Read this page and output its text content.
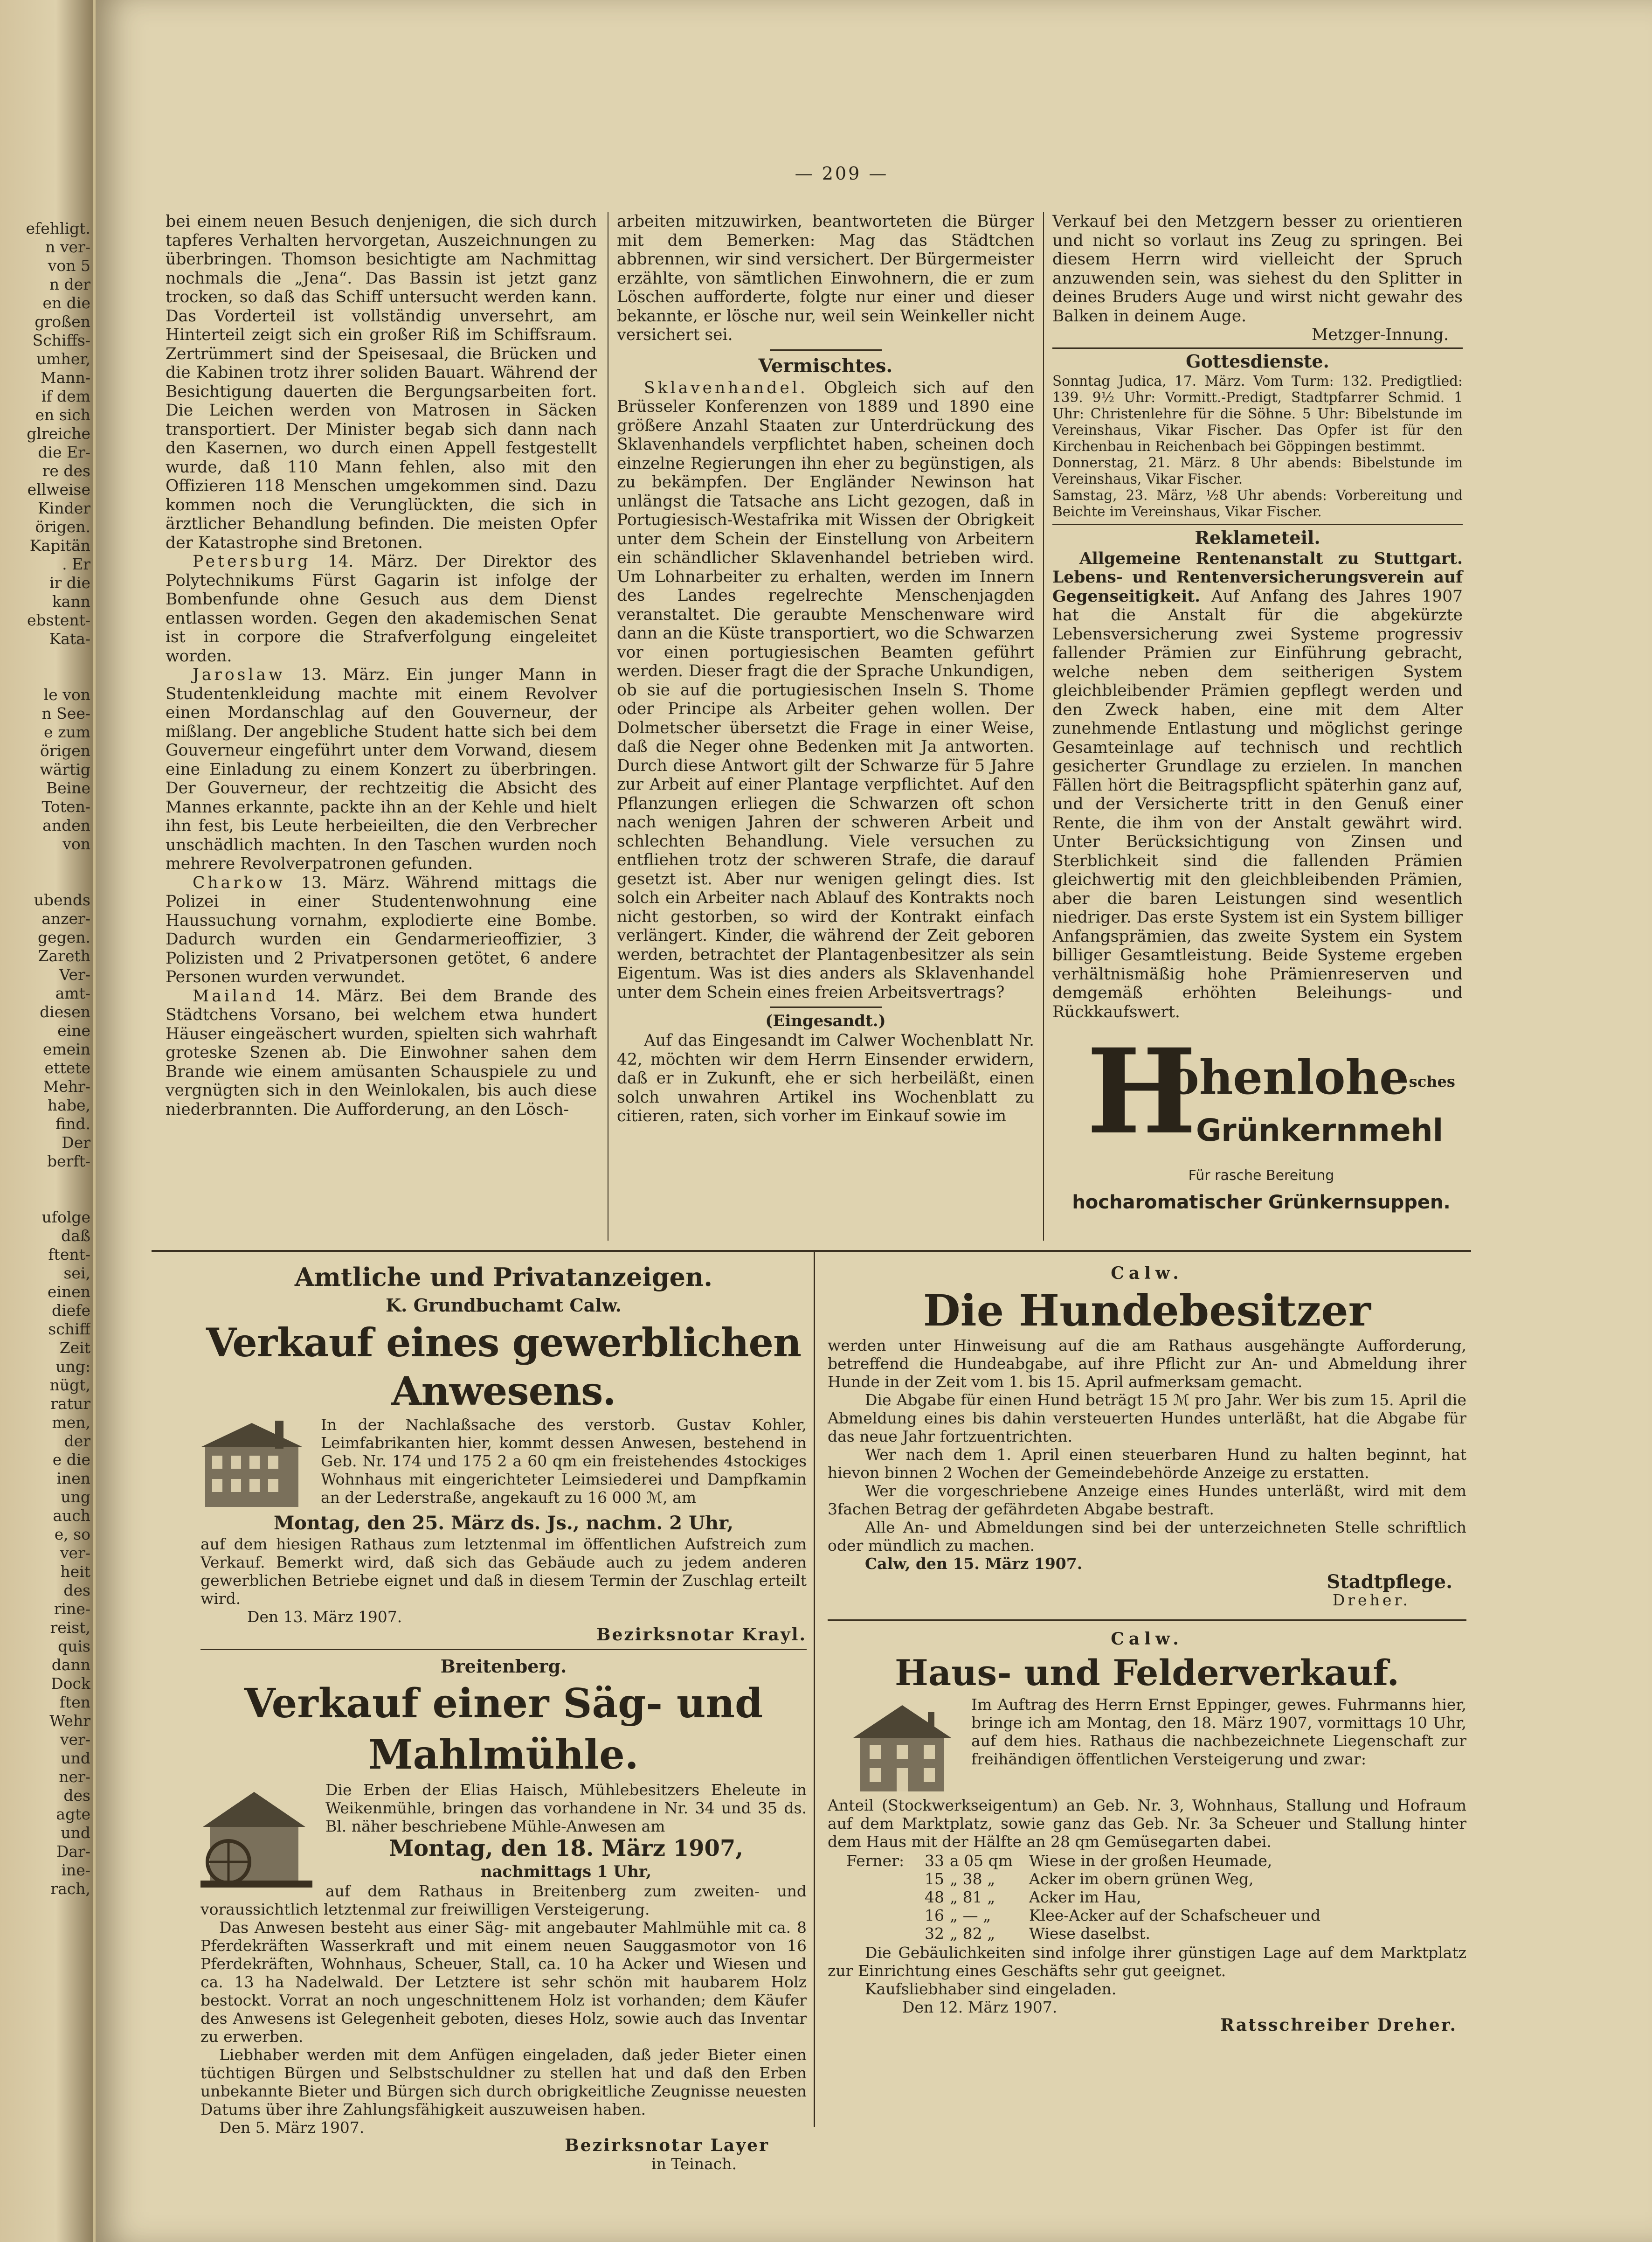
efehligt.
n ver-
von 5
n der
en die
großen
Schiffs-
umher,
Mann-
if dem
en sich
glreiche
die Er-
re des
ellweise
Kinder
örigen.
Kapitän
. Er
ir die
kann
ebstent-
Kata-
le von
n See-
e zum
örigen
wärtig
Beine
Toten-
anden
von
ubends
anzer-
gegen.
Zareth
Ver-
amt-
diesen
eine
emein
ettete
Mehr-
habe,
find.
Der
berft-
ufolge
daß
ftent-
sei,
einen
diefe
schiff
Zeit
ung:
nügt,
ratur
men,
der
e die
inen
ung
auch
e, so
ver-
heit
des
rine-
reist,
quis
dann
Dock
ften
Wehr
ver-
und
ner-
des
agte
und
Dar-
ine-
rach,
— 209 —

bei einem neuen Besuch denjenigen, die sich durch tapferes Verhalten hervorgetan, Auszeichnungen zu überbringen. Thomson besichtigte am Nachmittag nochmals die „Jena“. Das Bassin ist jetzt ganz trocken, so daß das Schiff untersucht werden kann. Das Vorderteil ist vollständig unversehrt, am Hinterteil zeigt sich ein großer Riß im Schiffsraum. Zertrümmert sind der Speisesaal, die Brücken und die Kabinen trotz ihrer soliden Bauart. Während der Besichtigung dauerten die Bergungsarbeiten fort. Die Leichen werden von Matrosen in Säcken transportiert. Der Minister begab sich dann nach den Kasernen, wo durch einen Appell festgestellt wurde, daß 110 Mann fehlen, also mit den Offizieren 118 Menschen umgekommen sind. Dazu kommen noch die Verunglückten, die sich in ärztlicher Behandlung befinden. Die meisten Opfer der Katastrophe sind Bretonen.

Petersburg 14. März. Der Direktor des Polytechnikums Fürst Gagarin ist infolge der Bombenfunde ohne Gesuch aus dem Dienst entlassen worden. Gegen den akademischen Senat ist in corpore die Strafverfolgung eingeleitet worden.

Jaroslaw 13. März. Ein junger Mann in Studentenkleidung machte mit einem Revolver einen Mordanschlag auf den Gouverneur, der mißlang. Der angebliche Student hatte sich bei dem Gouverneur eingeführt unter dem Vorwand, diesem eine Einladung zu einem Konzert zu überbringen. Der Gouverneur, der rechtzeitig die Absicht des Mannes erkannte, packte ihn an der Kehle und hielt ihn fest, bis Leute herbeieilten, die den Verbrecher unschädlich machten. In den Taschen wurden noch mehrere Revolverpatronen gefunden.

Charkow 13. März. Während mittags die Polizei in einer Studentenwohnung eine Haussuchung vornahm, explodierte eine Bombe. Dadurch wurden ein Gendarmerieoffizier, 3 Polizisten und 2 Privatpersonen getötet, 6 andere Personen wurden verwundet.

Mailand 14. März. Bei dem Brande des Städtchens Vorsano, bei welchem etwa hundert Häuser eingeäschert wurden, spielten sich wahrhaft groteske Szenen ab. Die Einwohner sahen dem Brande wie einem amüsanten Schauspiele zu und vergnügten sich in den Weinlokalen, bis auch diese niederbrannten. Die Aufforderung, an den Lösch-

arbeiten mitzuwirken, beantworteten die Bürger mit dem Bemerken: Mag das Städtchen abbrennen, wir sind versichert. Der Bürgermeister erzählte, von sämtlichen Einwohnern, die er zum Löschen aufforderte, folgte nur einer und dieser bekannte, er lösche nur, weil sein Weinkeller nicht versichert sei.

Vermischtes.

Sklavenhandel. Obgleich sich auf den Brüsseler Konferenzen von 1889 und 1890 eine größere Anzahl Staaten zur Unterdrückung des Sklavenhandels verpflichtet haben, scheinen doch einzelne Regierungen ihn eher zu begünstigen, als zu bekämpfen. Der Engländer Newinson hat unlängst die Tatsache ans Licht gezogen, daß in Portugiesisch-Westafrika mit Wissen der Obrigkeit unter dem Schein der Einstellung von Arbeitern ein schändlicher Sklavenhandel betrieben wird. Um Lohnarbeiter zu erhalten, werden im Innern des Landes regelrechte Menschenjagden veranstaltet. Die geraubte Menschenware wird dann an die Küste transportiert, wo die Schwarzen vor einen portugiesischen Beamten geführt werden. Dieser fragt die der Sprache Unkundigen, ob sie auf die portugiesischen Inseln S. Thome oder Principe als Arbeiter gehen wollen. Der Dolmetscher übersetzt die Frage in einer Weise, daß die Neger ohne Bedenken mit Ja antworten. Durch diese Antwort gilt der Schwarze für 5 Jahre zur Arbeit auf einer Plantage verpflichtet. Auf den Pflanzungen erliegen die Schwarzen oft schon nach wenigen Jahren der schweren Arbeit und schlechten Behandlung. Viele versuchen zu entfliehen trotz der schweren Strafe, die darauf gesetzt ist. Aber nur wenigen gelingt dies. Ist solch ein Arbeiter nach Ablauf des Kontrakts noch nicht gestorben, so wird der Kontrakt einfach verlängert. Kinder, die während der Zeit geboren werden, betrachtet der Plantagenbesitzer als sein Eigentum. Was ist dies anders als Sklavenhandel unter dem Schein eines freien Arbeitsvertrags?

(Eingesandt.)

Auf das Eingesandt im Calwer Wochenblatt Nr. 42, möchten wir dem Herrn Einsender erwidern, daß er in Zukunft, ehe er sich herbeiläßt, einen solch unwahren Artikel ins Wochenblatt zu citieren, raten, sich vorher im Einkauf sowie im

Verkauf bei den Metzgern besser zu orientieren und nicht so vorlaut ins Zeug zu springen. Bei diesem Herrn wird vielleicht der Spruch anzuwenden sein, was siehest du den Splitter in deines Bruders Auge und wirst nicht gewahr des Balken in deinem Auge.

Metzger-Innung.
Gottesdienste.

Sonntag Judica, 17. März. Vom Turm: 132. Predigtlied: 139. 9½ Uhr: Vormitt.-Predigt, Stadtpfarrer Schmid. 1 Uhr: Christenlehre für die Söhne. 5 Uhr: Bibelstunde im Vereinshaus, Vikar Fischer. Das Opfer ist für den Kirchenbau in Reichenbach bei Göppingen bestimmt.

Donnerstag, 21. März. 8 Uhr abends: Bibelstunde im Vereinshaus, Vikar Fischer.

Samstag, 23. März, ½8 Uhr abends: Vorbereitung und Beichte im Vereinshaus, Vikar Fischer.

Reklameteil.

Allgemeine Rentenanstalt zu Stuttgart. Lebens- und Rentenversicherungsverein auf Gegenseitigkeit. Auf Anfang des Jahres 1907 hat die Anstalt für die abgekürzte Lebensversicherung zwei Systeme progressiv fallender Prämien zur Einführung gebracht, welche neben dem seitherigen System gleichbleibender Prämien gepflegt werden und den Zweck haben, eine mit dem Alter zunehmende Entlastung und möglichst geringe Gesamteinlage auf technisch und rechtlich gesicherter Grundlage zu erzielen. In manchen Fällen hört die Beitragspflicht späterhin ganz auf, und der Versicherte tritt in den Genuß einer Rente, die ihm von der Anstalt gewährt wird. Unter Berücksichtigung von Zinsen und Sterblichkeit sind die fallenden Prämien gleichwertig mit den gleichbleibenden Prämien, aber die baren Leistungen sind wesentlich niedriger. Das erste System ist ein System billiger Anfangsprämien, das zweite System ein System billiger Gesamtleistung. Beide Systeme ergeben verhältnismäßig hohe Prämienreserven und demgemäß erhöhten Beleihungs- und Rückkaufswert.

H
ohenlohesches
Grünkernmehl
Für rasche Bereitung
hocharomatischer Grünkernsuppen.
Amtliche und Privatanzeigen.
K. Grundbuchamt Calw.
Verkauf eines gewerblichen Anwesens.

In der Nachlaßsache des verstorb. Gustav Kohler, Leimfabrikanten hier, kommt dessen Anwesen, bestehend in Geb. Nr. 174 und 175 2 a 60 qm ein freistehendes 4stockiges Wohnhaus mit eingerichteter Leimsiederei und Dampfkamin an der Lederstraße, angekauft zu 16 000 ℳ, am

Montag, den 25. März ds. Js., nachm. 2 Uhr,

auf dem hiesigen Rathaus zum letztenmal im öffentlichen Aufstreich zum Verkauf. Bemerkt wird, daß sich das Gebäude auch zu jedem anderen gewerblichen Betriebe eignet und daß in diesem Termin der Zuschlag erteilt wird.

Den 13. März 1907.

Bezirksnotar Krayl.
Breitenberg.
Verkauf einer Säg- und Mahlmühle.

Die Erben der Elias Haisch, Mühlebesitzers Eheleute in Weikenmühle, bringen das vorhandene in Nr. 34 und 35 ds. Bl. näher beschriebene Mühle-Anwesen am

Montag, den 18. März 1907,
nachmittags 1 Uhr,

auf dem Rathaus in Breitenberg zum zweiten- und voraussichtlich letztenmal zur freiwilligen Versteigerung.

Das Anwesen besteht aus einer Säg- mit angebauter Mahlmühle mit ca. 8 Pferdekräften Wasserkraft und mit einem neuen Sauggasmotor von 16 Pferdekräften, Wohnhaus, Scheuer, Stall, ca. 10 ha Acker und Wiesen und ca. 13 ha Nadelwald. Der Letztere ist sehr schön mit haubarem Holz bestockt. Vorrat an noch ungeschnittenem Holz ist vorhanden; dem Käufer des Anwesens ist Gelegenheit geboten, dieses Holz, sowie auch das Inventar zu erwerben.

Liebhaber werden mit dem Anfügen eingeladen, daß jeder Bieter einen tüchtigen Bürgen und Selbstschuldner zu stellen hat und daß den Erben unbekannte Bieter und Bürgen sich durch obrigkeitliche Zeugnisse neuesten Datums über ihre Zahlungsfähigkeit auszuweisen haben.

Den 5. März 1907.

Bezirksnotar Layer
in Teinach.
Calw.
Die Hundebesitzer

werden unter Hinweisung auf die am Rathaus ausgehängte Aufforderung, betreffend die Hundeabgabe, auf ihre Pflicht zur An- und Abmeldung ihrer Hunde in der Zeit vom 1. bis 15. April aufmerksam gemacht.

Die Abgabe für einen Hund beträgt 15 ℳ pro Jahr. Wer bis zum 15. April die Abmeldung eines bis dahin versteuerten Hundes unterläßt, hat die Abgabe für das neue Jahr fortzuentrichten.

Wer nach dem 1. April einen steuerbaren Hund zu halten beginnt, hat hievon binnen 2 Wochen der Gemeindebehörde Anzeige zu erstatten.

Wer die vorgeschriebene Anzeige eines Hundes unterläßt, wird mit dem 3fachen Betrag der gefährdeten Abgabe bestraft.

Alle An- und Abmeldungen sind bei der unterzeichneten Stelle schriftlich oder mündlich zu machen.

Calw, den 15. März 1907.

Stadtpflege.
Dreher.
Calw.
Haus- und Felderverkauf.

Im Auftrag des Herrn Ernst Eppinger, gewes. Fuhrmanns hier, bringe ich am Montag, den 18. März 1907, vormittags 10 Uhr, auf dem hies. Rathaus die nachbezeichnete Liegenschaft zur freihändigen öffentlichen Versteigerung und zwar:

Anteil (Stockwerkseigentum) an Geb. Nr. 3, Wohnhaus, Stallung und Hofraum auf dem Marktplatz, sowie ganz das Geb. Nr. 3a Scheuer und Stallung hinter dem Haus mit der Hälfte an 28 qm Gemüsegarten dabei.

Ferner:	33 a 05 qm	Wiese in der großen Heumade,
15 „ 38 „	Acker im obern grünen Weg,
48 „ 81 „	Acker im Hau,
16 „ — „	Klee-Acker auf der Schafscheuer und
32 „ 82 „	Wiese daselbst.

Die Gebäulichkeiten sind infolge ihrer günstigen Lage auf dem Marktplatz zur Einrichtung eines Geschäfts sehr gut geeignet.

Kaufsliebhaber sind eingeladen.

Den 12. März 1907.

Ratsschreiber Dreher.
